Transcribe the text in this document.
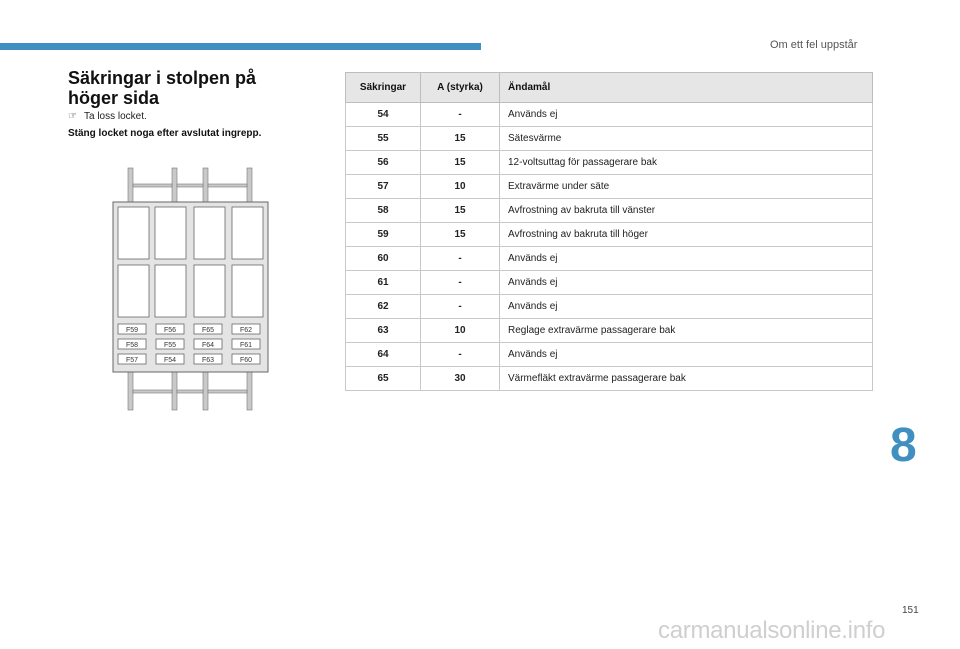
Om ett fel uppstår
Säkringar i stolpen på
höger sida
☞ Ta loss locket.
Stäng locket noga efter avslutat ingrepp.
F59	F56	F65	F62
F58	F55	F64	F61
F57	F54	F63	F60
Säkringar	A (styrka)	Ändamål
54	-	Används ej
55	15	Sätesvärme
56	15	12-voltsuttag för passagerare bak
57	10	Extravärme under säte
58	15	Avfrostning av bakruta till vänster
59	15	Avfrostning av bakruta till höger
60	-	Används ej
61	-	Används ej
62	-	Används ej
63	10	Reglage extravärme passagerare bak
64	-	Används ej
65	30	Värmefläkt extravärme passagerare bak
8
151
carmanualsonline.info
